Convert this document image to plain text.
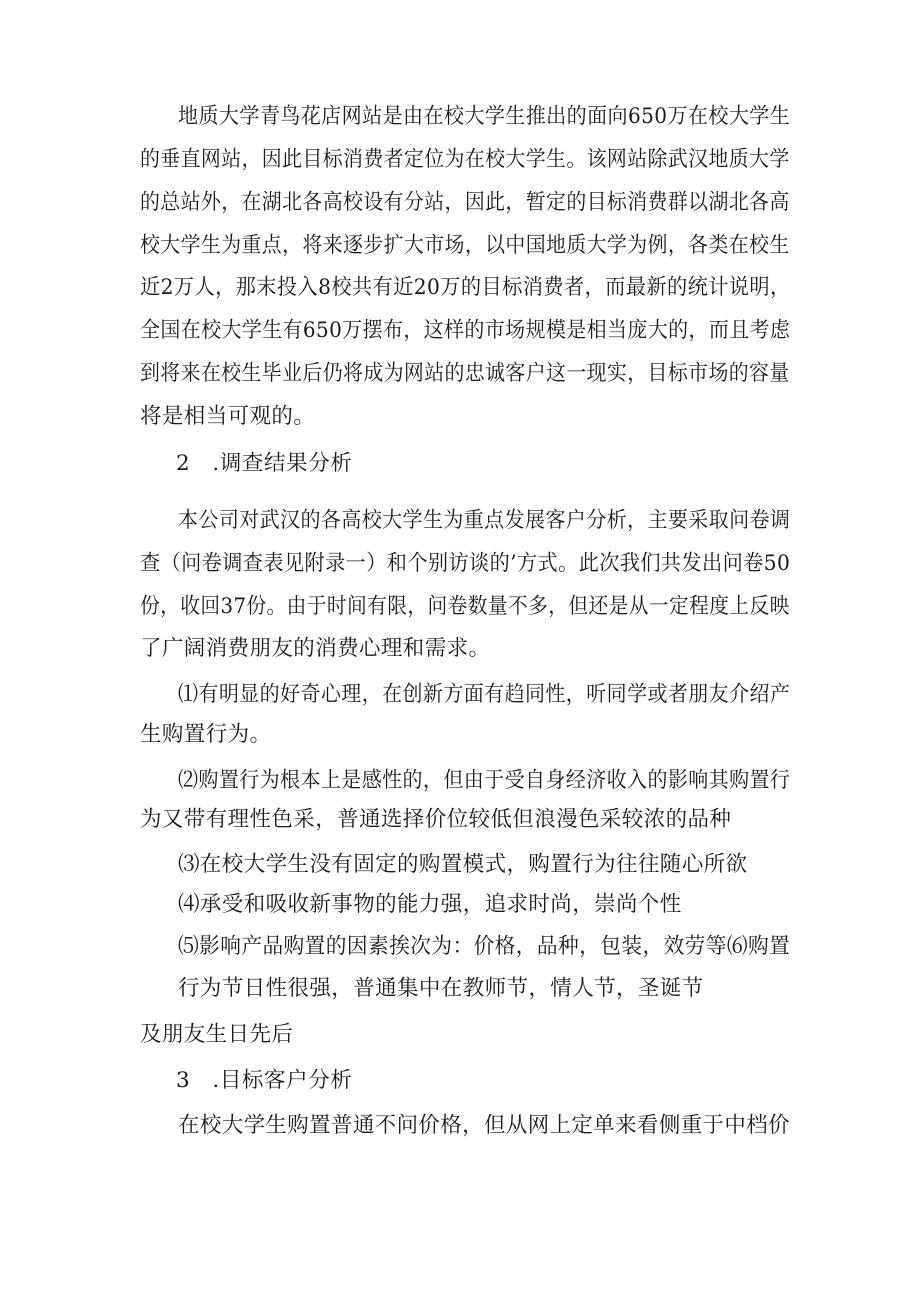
地质大学青鸟花店网站是由在校大学生推出的面向650万在校大学生
的垂直网站，因此目标消费者定位为在校大学生。该网站除武汉地质大学
的总站外，在湖北各高校设有分站，因此，暂定的目标消费群以湖北各高
校大学生为重点，将来逐步扩大市场，以中国地质大学为例，各类在校生
近2万人，那末投入8校共有近20万的目标消费者，而最新的统计说明，
全国在校大学生有650万摆布，这样的市场规模是相当庞大的，而且考虑
到将来在校生毕业后仍将成为网站的忠诚客户这一现实，目标市场的容量
将是相当可观的。
2　.调查结果分析
本公司对武汉的各高校大学生为重点发展客户分析，主要采取问卷调
查（问卷调查表见附录一）和个别访谈的’方式。此次我们共发出问卷50
份，收回37份。由于时间有限，问卷数量不多，但还是从一定程度上反映
了广阔消费朋友的消费心理和需求。
⑴有明显的好奇心理，在创新方面有趋同性，听同学或者朋友介绍产
生购置行为。
⑵购置行为根本上是感性的，但由于受自身经济收入的影响其购置行
为又带有理性色采，普通选择价位较低但浪漫色采较浓的品种
⑶在校大学生没有固定的购置模式，购置行为往往随心所欲
⑷承受和吸收新事物的能力强，追求时尚，崇尚个性
⑸影响产品购置的因素挨次为：价格，品种，包装，效劳等⑹购置
行为节日性很强，普通集中在教师节，情人节，圣诞节
及朋友生日先后
3　.目标客户分析
在校大学生购置普通不问价格，但从网上定单来看侧重于中档价
